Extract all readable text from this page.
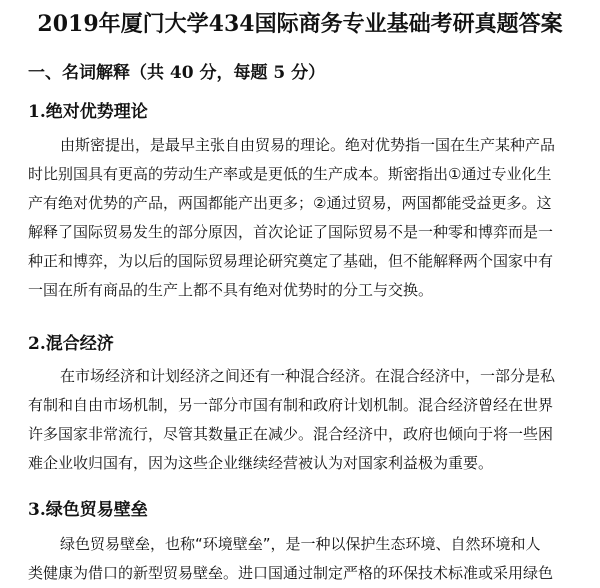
2019年厦门大学434国际商务专业基础考研真题答案
一、名词解释（共 40 分，每题 5 分）
1.绝对优势理论
由斯密提出，是最早主张自由贸易的理论。绝对优势指一国在生产某种产品
时比别国具有更高的劳动生产率或是更低的生产成本。斯密指出①通过专业化生
产有绝对优势的产品，两国都能产出更多；②通过贸易，两国都能受益更多。这
解释了国际贸易发生的部分原因，首次论证了国际贸易不是一种零和博弈而是一
种正和博弈，为以后的国际贸易理论研究奠定了基础，但不能解释两个国家中有
一国在所有商品的生产上都不具有绝对优势时的分工与交换。
2.混合经济
在市场经济和计划经济之间还有一种混合经济。在混合经济中，一部分是私
有制和自由市场机制，另一部分市国有制和政府计划机制。混合经济曾经在世界
许多国家非常流行，尽管其数量正在减少。混合经济中，政府也倾向于将一些困
难企业收归国有，因为这些企业继续经营被认为对国家利益极为重要。
3.绿色贸易壁垒
绿色贸易壁垒，也称“环境壁垒”，是一种以保护生态环境、自然环境和人
类健康为借口的新型贸易壁垒。进口国通过制定严格的环保技术标准或采用绿色
